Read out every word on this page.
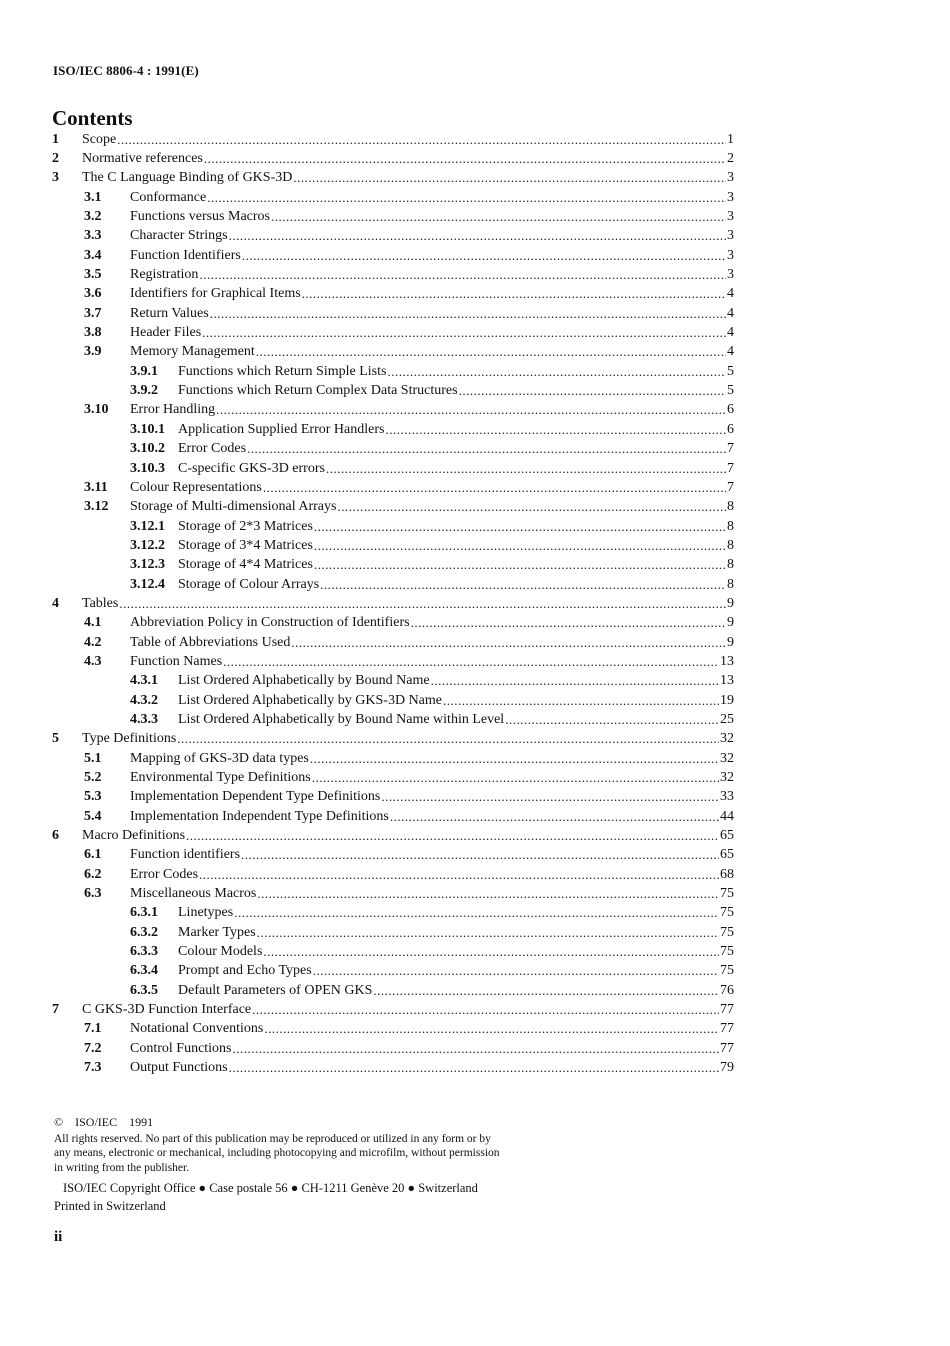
ISO/IEC 8806-4 : 1991(E)
Contents
1 Scope .....	1
2 Normative references .....	2
3 The C Language Binding of GKS-3D .....	3
3.1 Conformance .....	3
3.2 Functions versus Macros .....	3
3.3 Character Strings .....	3
3.4 Function Identifiers .....	3
3.5 Registration .....	3
3.6 Identifiers for Graphical Items .....	4
3.7 Return Values .....	4
3.8 Header Files .....	4
3.9 Memory Management .....	4
3.9.1 Functions which Return Simple Lists .....	5
3.9.2 Functions which Return Complex Data Structures .....	5
3.10 Error Handling .....	6
3.10.1 Application Supplied Error Handlers .....	6
3.10.2 Error Codes .....	7
3.10.3 C-specific GKS-3D errors .....	7
3.11 Colour Representations .....	7
3.12 Storage of Multi-dimensional Arrays .....	8
3.12.1 Storage of 2*3 Matrices .....	8
3.12.2 Storage of 3*4 Matrices .....	8
3.12.3 Storage of 4*4 Matrices .....	8
3.12.4 Storage of Colour Arrays .....	8
4 Tables .....	9
4.1 Abbreviation Policy in Construction of Identifiers .....	9
4.2 Table of Abbreviations Used .....	9
4.3 Function Names .....	13
4.3.1 List Ordered Alphabetically by Bound Name .....	13
4.3.2 List Ordered Alphabetically by GKS-3D Name .....	19
4.3.3 List Ordered Alphabetically by Bound Name within Level .....	25
5 Type Definitions .....	32
5.1 Mapping of GKS-3D data types .....	32
5.2 Environmental Type Definitions .....	32
5.3 Implementation Dependent Type Definitions .....	33
5.4 Implementation Independent Type Definitions .....	44
6 Macro Definitions .....	65
6.1 Function identifiers .....	65
6.2 Error Codes .....	68
6.3 Miscellaneous Macros .....	75
6.3.1 Linetypes .....	75
6.3.2 Marker Types .....	75
6.3.3 Colour Models .....	75
6.3.4 Prompt and Echo Types .....	75
6.3.5 Default Parameters of OPEN GKS .....	76
7 C GKS-3D Function Interface .....	77
7.1 Notational Conventions .....	77
7.2 Control Functions .....	77
7.3 Output Functions .....	79
© ISO/IEC 1991
All rights reserved. No part of this publication may be reproduced or utilized in any form or by
any means, electronic or mechanical, including photocopying and microfilm, without permission
in writing from the publisher.
ISO/IEC Copyright Office ● Case postale 56 ● CH-1211 Genève 20 ● Switzerland
Printed in Switzerland
ii
